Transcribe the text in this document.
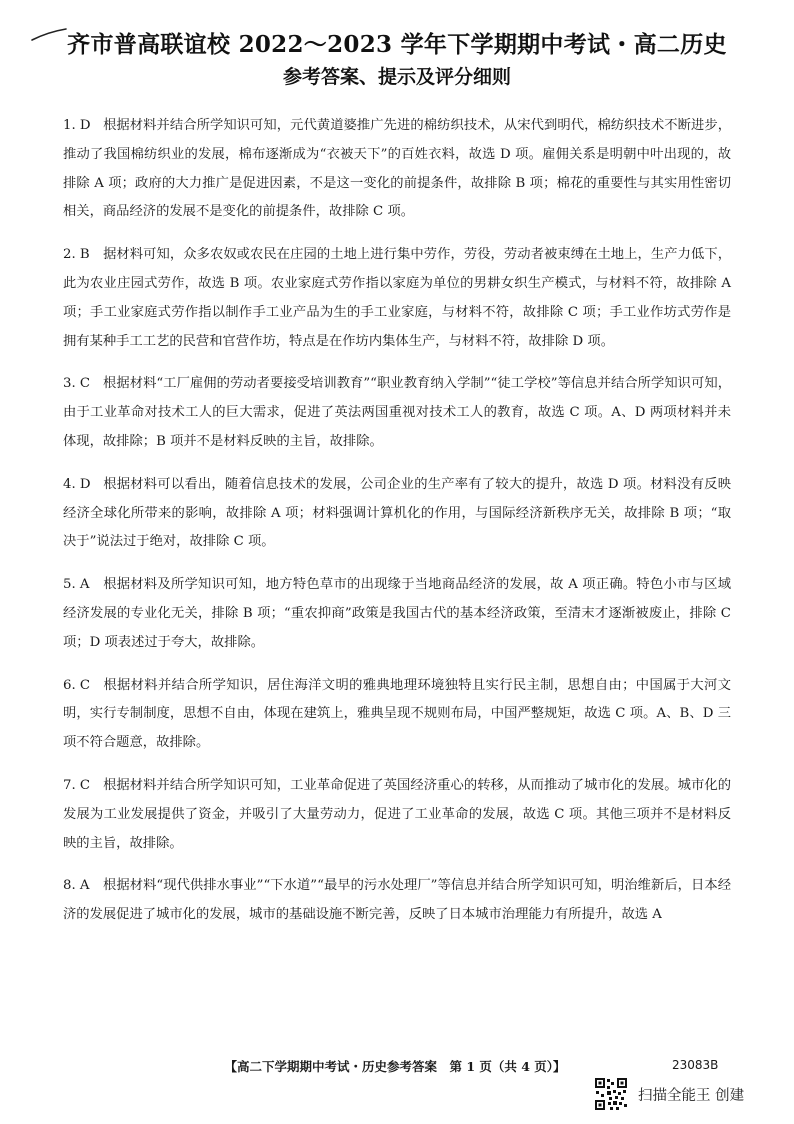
齐市普高联谊校 2022～2023 学年下学期期中考试・高二历史
参考答案、提示及评分细则
1. D 根据材料并结合所学知识可知，元代黄道婆推广先进的棉纺织技术，从宋代到明代，棉纺织技术不断进步，推动了我国棉纺织业的发展，棉布逐渐成为“衣被天下”的百姓衣料，故选 D 项。雇佣关系是明朝中叶出现的，故排除 A 项；政府的大力推广是促进因素，不是这一变化的前提条件，故排除 B 项；棉花的重要性与其实用性密切相关，商品经济的发展不是变化的前提条件，故排除 C 项。
2. B 据材料可知，众多农奴或农民在庄园的土地上进行集中劳作，劳役，劳动者被束缚在土地上，生产力低下，此为农业庄园式劳作，故选 B 项。农业家庭式劳作指以家庭为单位的男耕女织生产模式，与材料不符，故排除 A 项；手工业家庭式劳作指以制作手工业产品为生的手工业家庭，与材料不符，故排除 C 项；手工业作坊式劳作是拥有某种手工工艺的民营和官营作坊，特点是在作坊内集体生产，与材料不符，故排除 D 项。
3. C 根据材料“工厂雇佣的劳动者要接受培训教育”“职业教育纳入学制”“徒工学校”等信息并结合所学知识可知，由于工业革命对技术工人的巨大需求，促进了英法两国重视对技术工人的教育，故选 C 项。A、D 两项材料并未体现，故排除；B 项并不是材料反映的主旨，故排除。
4. D 根据材料可以看出，随着信息技术的发展，公司企业的生产率有了较大的提升，故选 D 项。材料没有反映经济全球化所带来的影响，故排除 A 项；材料强调计算机化的作用，与国际经济新秩序无关，故排除 B 项；“取决于”说法过于绝对，故排除 C 项。
5. A 根据材料及所学知识可知，地方特色草市的出现缘于当地商品经济的发展，故 A 项正确。特色小市与区域经济发展的专业化无关，排除 B 项；“重农抑商”政策是我国古代的基本经济政策，至清末才逐渐被废止，排除 C 项；D 项表述过于夸大，故排除。
6. C 根据材料并结合所学知识，居住海洋文明的雅典地理环境独特且实行民主制，思想自由；中国属于大河文明，实行专制制度，思想不自由，体现在建筑上，雅典呈现不规则布局，中国严整规矩，故选 C 项。A、B、D 三项不符合题意，故排除。
7. C 根据材料并结合所学知识可知，工业革命促进了英国经济重心的转移，从而推动了城市化的发展。城市化的发展为工业发展提供了资金，并吸引了大量劳动力，促进了工业革命的发展，故选 C 项。其他三项并不是材料反映的主旨，故排除。
8. A 根据材料“现代供排水事业”“下水道”“最早的污水处理厂”等信息并结合所学知识可知，明治维新后，日本经济的发展促进了城市化的发展，城市的基础设施不断完善，反映了日本城市治理能力有所提升，故选 A
【高二下学期期中考试・历史参考答案　第 1 页（共 4 页）】	23083B
扫描全能王 创建
